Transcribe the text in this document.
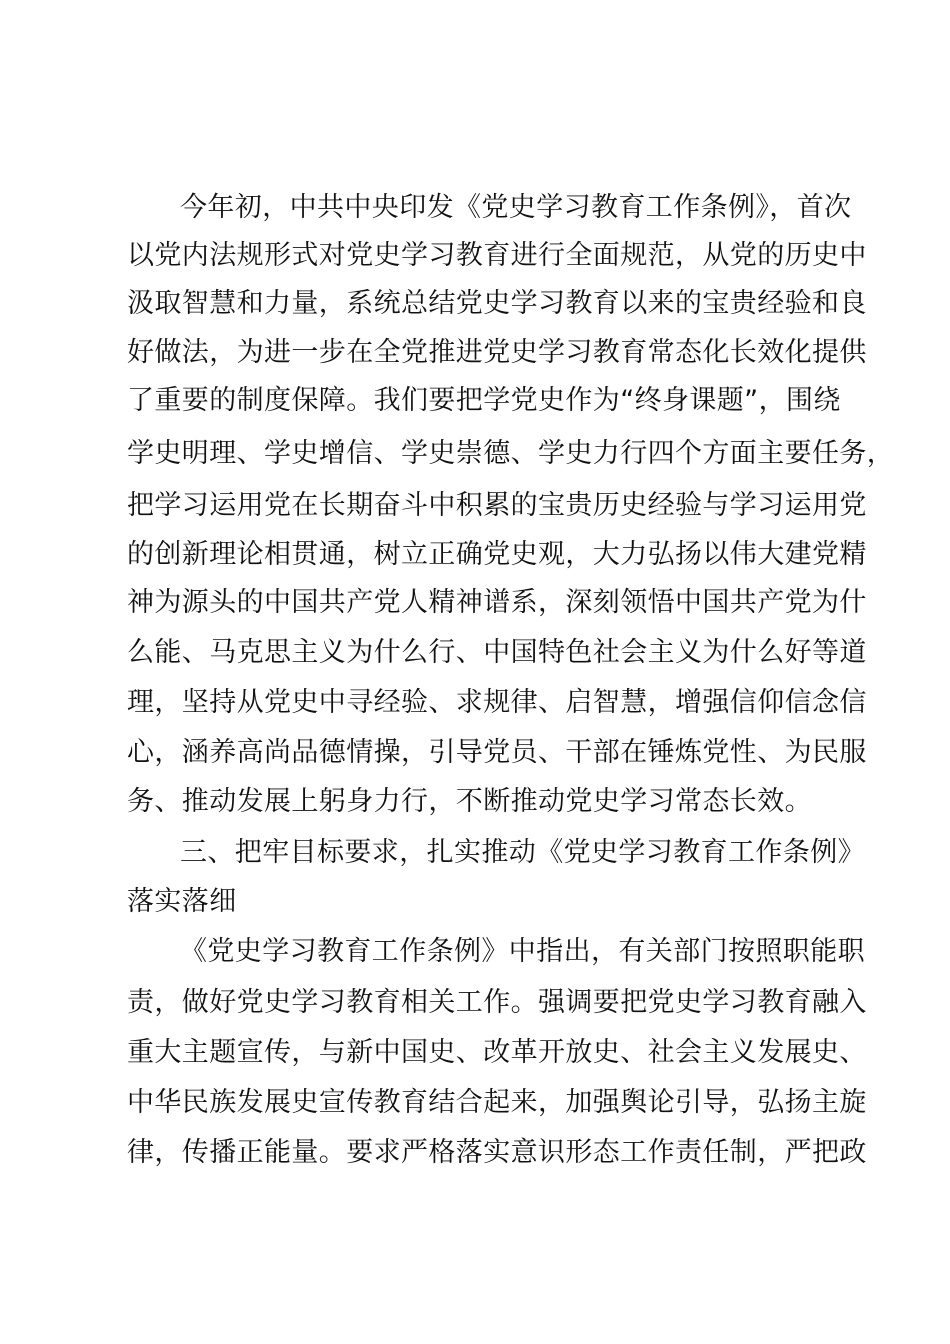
今年初，中共中央印发《党史学习教育工作条例》，首次
以党内法规形式对党史学习教育进行全面规范，从党的历史中
汲取智慧和力量，系统总结党史学习教育以来的宝贵经验和良
好做法，为进一步在全党推进党史学习教育常态化长效化提供
了重要的制度保障。我们要把学党史作为“终身课题”，围绕
学史明理、学史增信、学史崇德、学史力行四个方面主要任务，
把学习运用党在长期奋斗中积累的宝贵历史经验与学习运用党
的创新理论相贯通，树立正确党史观，大力弘扬以伟大建党精
神为源头的中国共产党人精神谱系，深刻领悟中国共产党为什
么能、马克思主义为什么行、中国特色社会主义为什么好等道
理，坚持从党史中寻经验、求规律、启智慧，增强信仰信念信
心，涵养高尚品德情操，引导党员、干部在锤炼党性、为民服
务、推动发展上躬身力行，不断推动党史学习常态长效。
三、把牢目标要求，扎实推动《党史学习教育工作条例》
落实落细
《党史学习教育工作条例》中指出，有关部门按照职能职
责，做好党史学习教育相关工作。强调要把党史学习教育融入
重大主题宣传，与新中国史、改革开放史、社会主义发展史、
中华民族发展史宣传教育结合起来，加强舆论引导，弘扬主旋
律，传播正能量。要求严格落实意识形态工作责任制，严把政
